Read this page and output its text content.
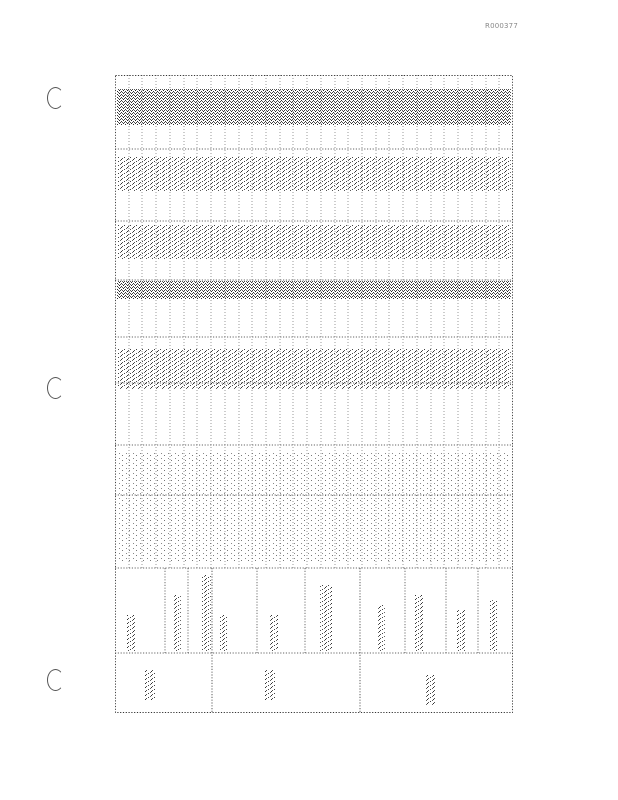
R000377
